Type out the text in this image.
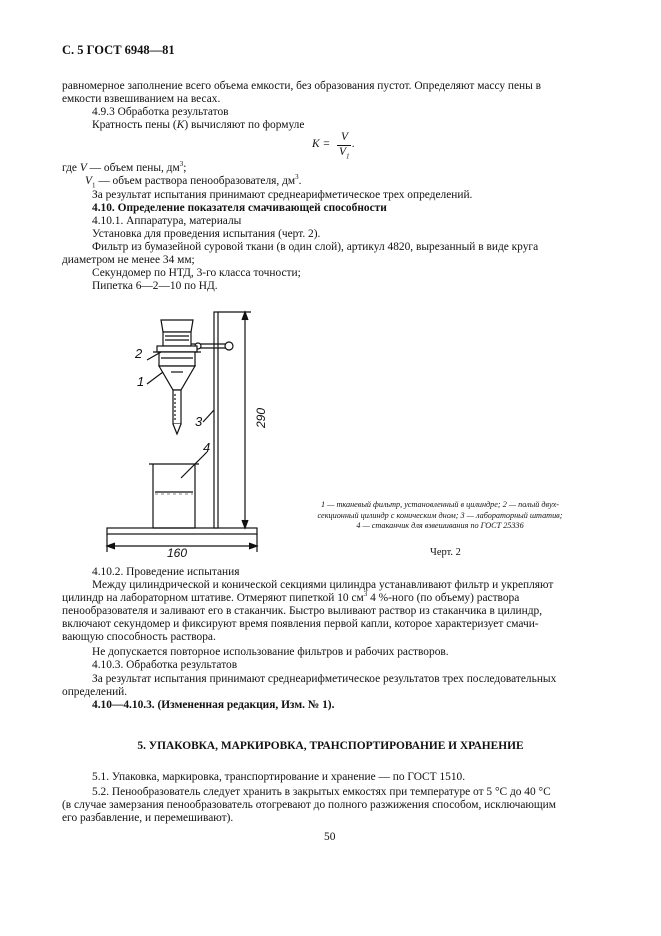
С. 5 ГОСТ 6948—81
равномерное заполнение всего объема емкости, без образования пустот. Определяют массу пены в
емкости взвешиванием на весах.
4.9.3 Обработка результатов
Кратность пены (K) вычисляют по формуле
K =
V
$V_1$
.
где V — объем пены, $дм^3$;
$V_1$ — объем раствора пенообразователя, $дм^3$.
За результат испытания принимают среднеарифметическое трех определений.
4.10. Определение показателя смачивающей способности
4.10.1. Аппаратура, материалы
Установка для проведения испытания (черт. 2).
Фильтр из бумазейной суровой ткани (в один слой), артикул 4820, вырезанный в виде круга
диаметром не менее 34 мм;
Секундомер по НТД, 3-го класса точности;
Пипетка 6—2—10 по НД.
2
1
3
4
290
160
1 — тканевый фильтр, установленный в цилиндре; 2 — полый двух-
секционный цилиндр с коническим дном; 3 — лабораторный штатив;
4 — стаканчик для взвешивания по ГОСТ 25336
Черт. 2
4.10.2. Проведение испытания
Между цилиндрической и конической секциями цилиндра устанавливают фильтр и укрепляют
цилиндр на лабораторном штативе. Отмеряют пипеткой 10 $см^3$ 4 %-ного (по объему) раствора
пенообразователя и заливают его в стаканчик. Быстро выливают раствор из стаканчика в цилиндр,
включают секундомер и фиксируют время появления первой капли, которое характеризует смачи-
вающую способность раствора.
Не допускается повторное использование фильтров и рабочих растворов.
4.10.3. Обработка результатов
За результат испытания принимают среднеарифметическое результатов трех последовательных
определений.
4.10—4.10.3. (Измененная редакция, Изм. № 1).
5. УПАКОВКА, МАРКИРОВКА, ТРАНСПОРТИРОВАНИЕ И ХРАНЕНИЕ
5.1. Упаковка, маркировка, транспортирование и хранение — по ГОСТ 1510.
5.2. Пенообразователь следует хранить в закрытых емкостях при температуре от 5 °С до 40 °С
(в случае замерзания пенообразователь отогревают до полного разжижения способом, исключающим
его разбавление, и перемешивают).
50
